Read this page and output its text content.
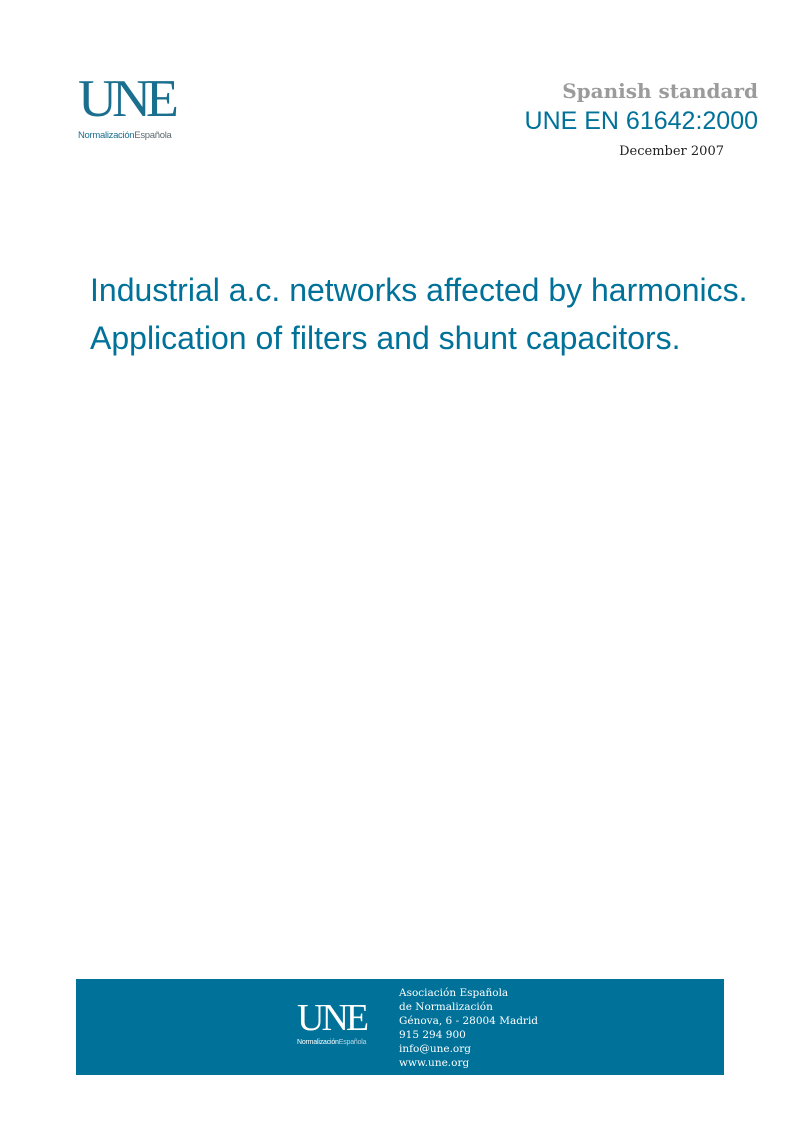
UNE
NormalizaciónEspañola
Spanish standard
UNE EN 61642:2000
December 2007
Industrial a.c. networks affected by harmonics.
Application of filters and shunt capacitors.
UNE
NormalizaciónEspañola
Asociación Española
de Normalización
Génova, 6 - 28004 Madrid
915 294 900
info@une.org
www.une.org
